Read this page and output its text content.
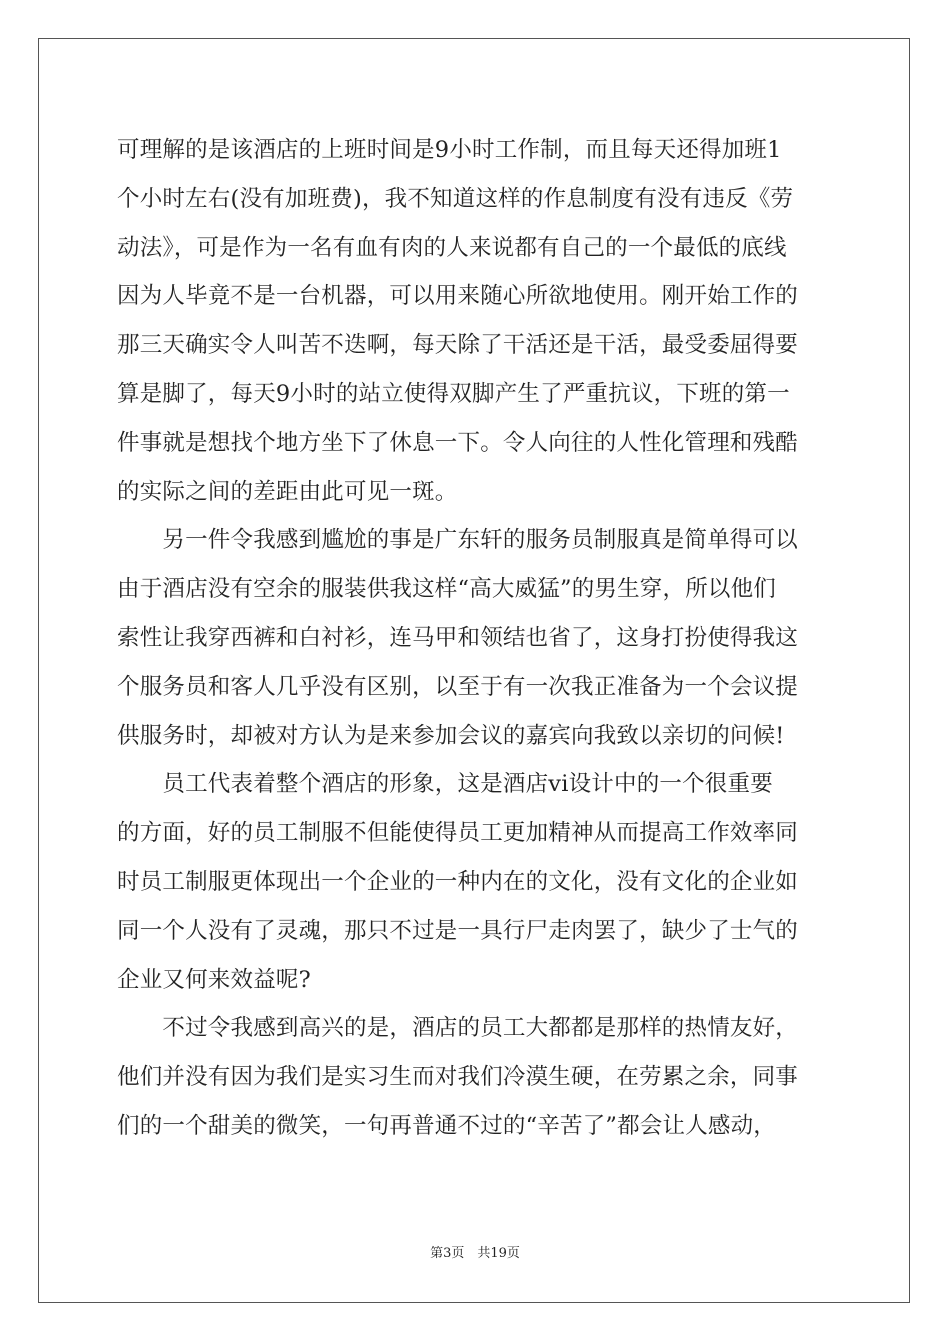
可理解的是该酒店的上班时间是9小时工作制，而且每天还得加班1
个小时左右(没有加班费)，我不知道这样的作息制度有没有违反《劳
动法》，可是作为一名有血有肉的人来说都有自己的一个最低的底线
因为人毕竟不是一台机器，可以用来随心所欲地使用。刚开始工作的
那三天确实令人叫苦不迭啊，每天除了干活还是干活，最受委屈得要
算是脚了，每天9小时的站立使得双脚产生了严重抗议，下班的第一
件事就是想找个地方坐下了休息一下。令人向往的人性化管理和残酷
的实际之间的差距由此可见一斑。
　　另一件令我感到尴尬的事是广东轩的服务员制服真是简单得可以
由于酒店没有空余的服装供我这样“高大威猛”的男生穿，所以他们
索性让我穿西裤和白衬衫，连马甲和领结也省了，这身打扮使得我这
个服务员和客人几乎没有区别，以至于有一次我正准备为一个会议提
供服务时，却被对方认为是来参加会议的嘉宾向我致以亲切的问候!
　　员工代表着整个酒店的形象，这是酒店vi设计中的一个很重要
的方面，好的员工制服不但能使得员工更加精神从而提高工作效率同
时员工制服更体现出一个企业的一种内在的文化，没有文化的企业如
同一个人没有了灵魂，那只不过是一具行尸走肉罢了，缺少了士气的
企业又何来效益呢?
　　不过令我感到高兴的是，酒店的员工大都都是那样的热情友好，
他们并没有因为我们是实习生而对我们冷漠生硬，在劳累之余，同事
们的一个甜美的微笑，一句再普通不过的“辛苦了”都会让人感动，
第3页　共19页
